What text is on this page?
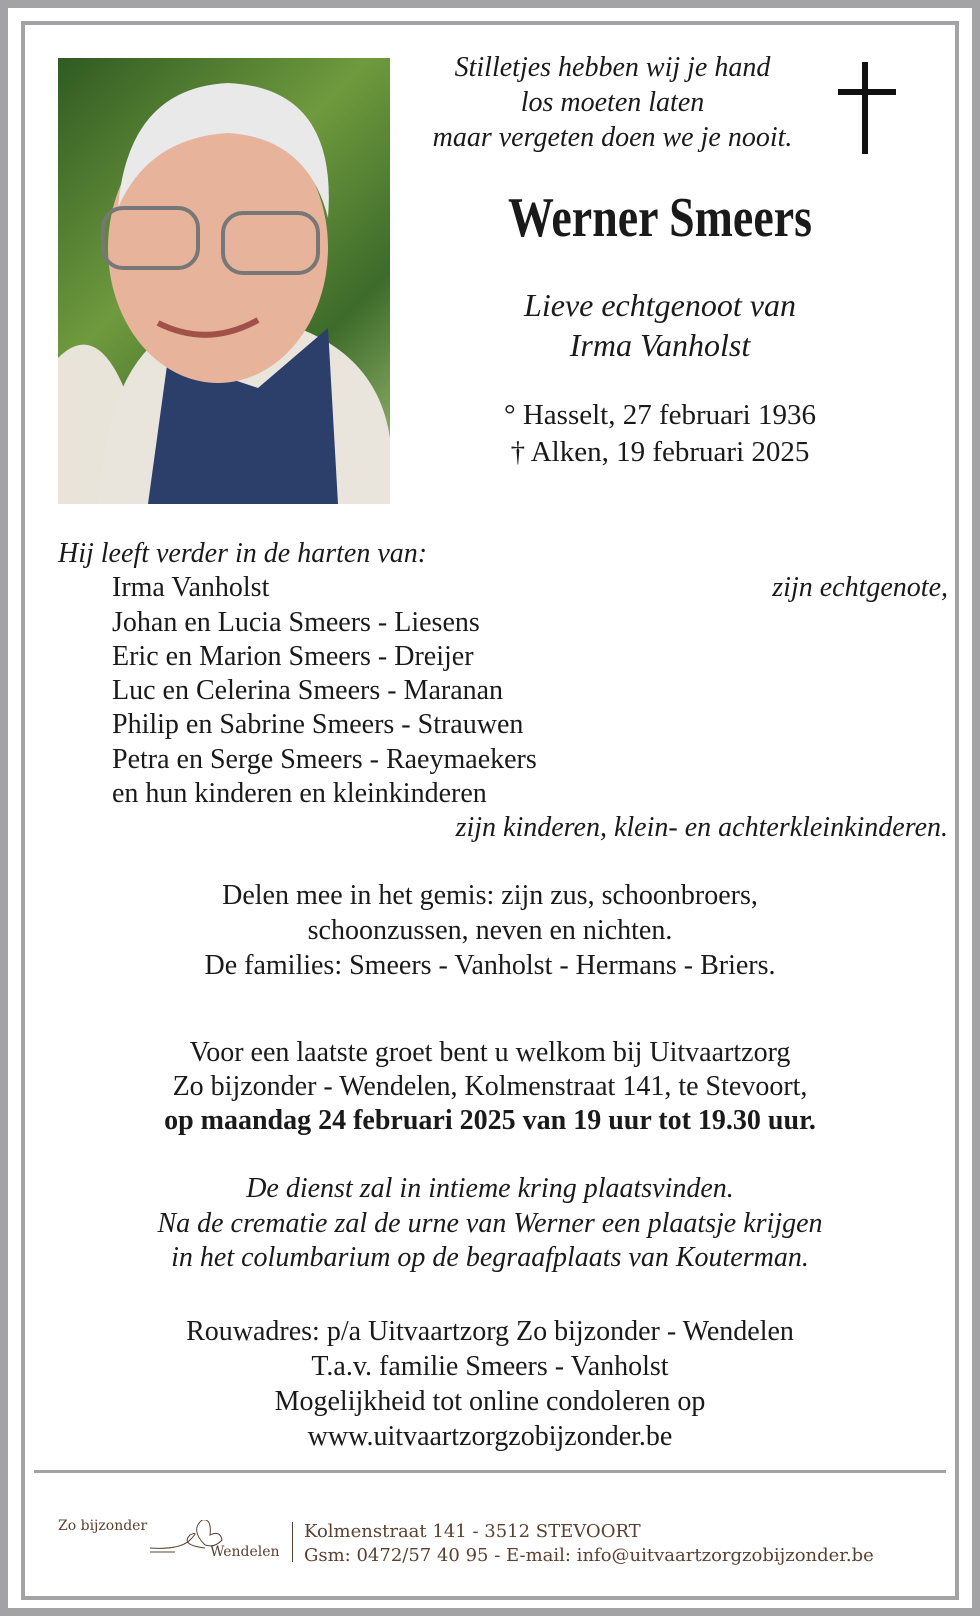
Stilletjes hebben wij je hand
los moeten laten
maar vergeten doen we je nooit.
Werner Smeers
Lieve echtgenoot van
Irma Vanholst
° Hasselt, 27 februari 1936
† Alken, 19 februari 2025
Hij leeft verder in de harten van:
Irma Vanholst	zijn echtgenote,
Johan en Lucia Smeers - Liesens
Eric en Marion Smeers - Dreijer
Luc en Celerina Smeers - Maranan
Philip en Sabrine Smeers - Strauwen
Petra en Serge Smeers - Raeymaekers
en hun kinderen en kleinkinderen
zijn kinderen, klein- en achterkleinkinderen.
Delen mee in het gemis: zijn zus, schoonbroers,
schoonzussen, neven en nichten.
De families: Smeers - Vanholst - Hermans - Briers.
Voor een laatste groet bent u welkom bij Uitvaartzorg
Zo bijzonder - Wendelen, Kolmenstraat 141, te Stevoort,
op maandag 24 februari 2025 van 19 uur tot 19.30 uur.
De dienst zal in intieme kring plaatsvinden.
Na de crematie zal de urne van Werner een plaatsje krijgen
in het columbarium op de begraafplaats van Kouterman.
Rouwadres: p/a Uitvaartzorg Zo bijzonder - Wendelen
T.a.v. familie Smeers - Vanholst
Mogelijkheid tot online condoleren op
www.uitvaartzorgzobijzonder.be
Zo bijzonder
Wendelen
Kolmenstraat 141 - 3512 STEVOORT
Gsm: 0472/57 40 95 - E-mail: info@uitvaartzorgzobijzonder.be
